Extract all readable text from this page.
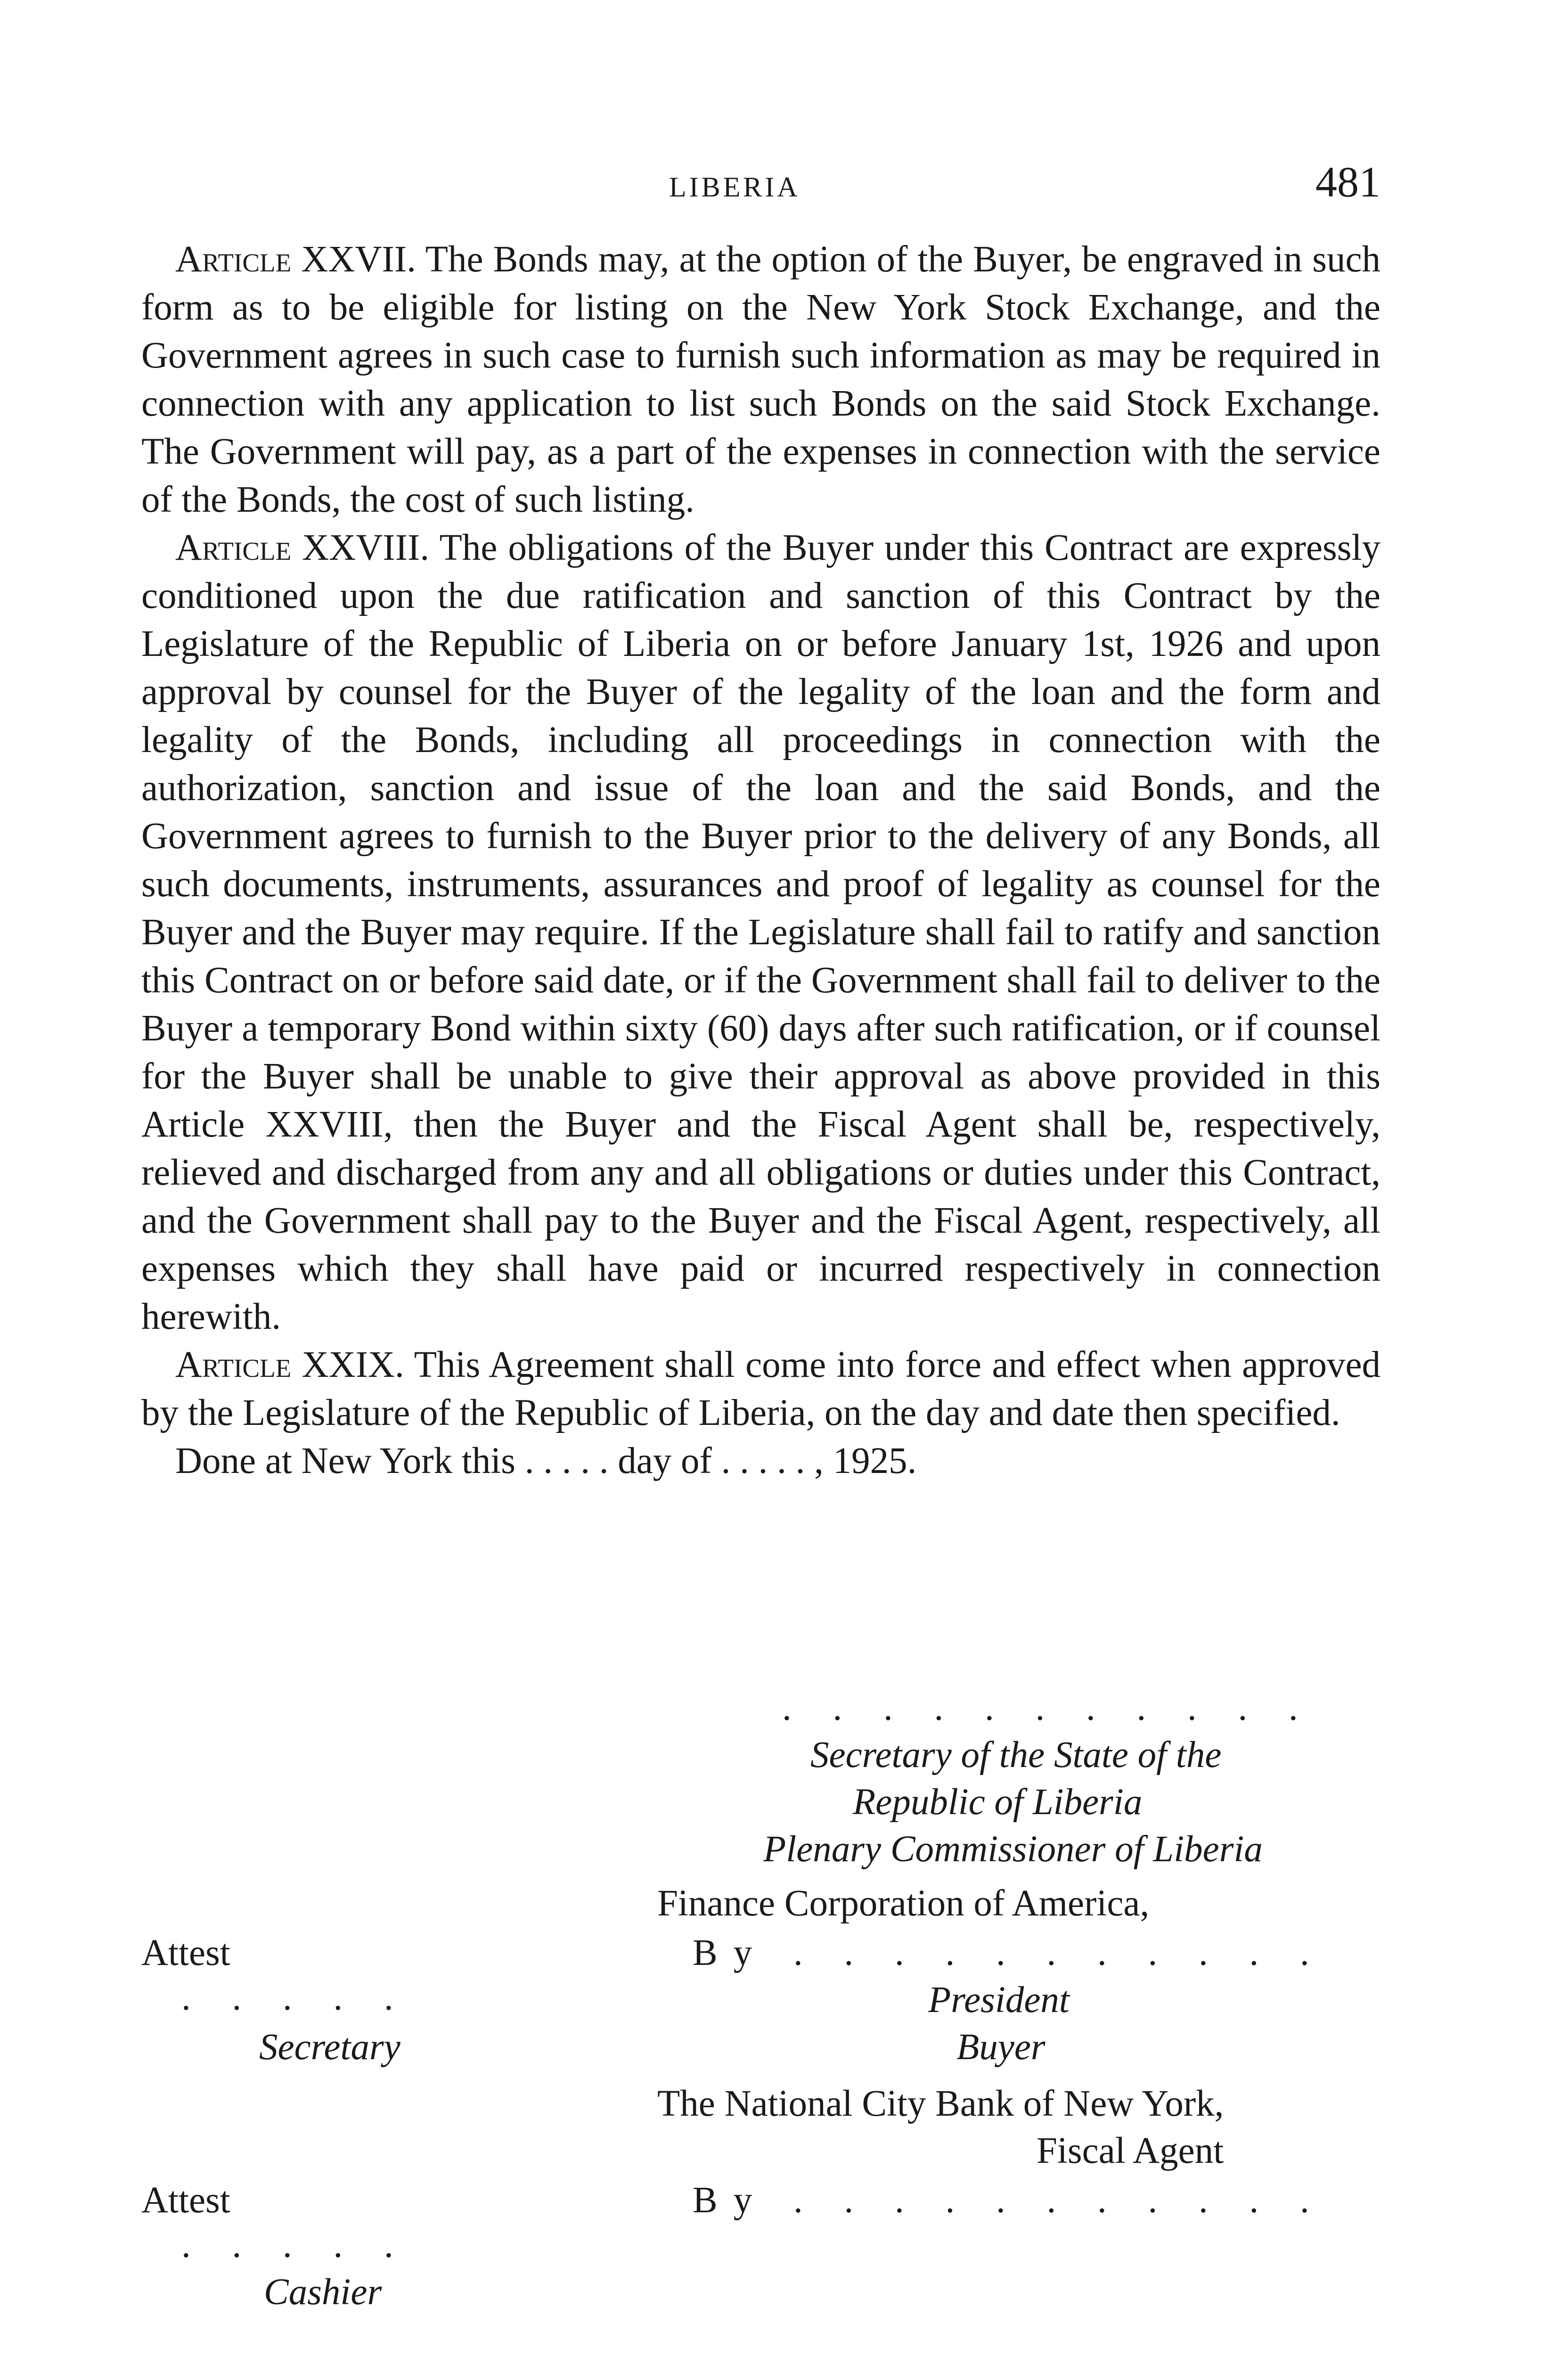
LIBERIA	481

Article XXVII. The Bonds may, at the option of the Buyer, be engraved in such form as to be eligible for listing on the New York Stock Exchange, and the Government agrees in such case to furnish such information as may be required in connection with any application to list such Bonds on the said Stock Exchange. The Government will pay, as a part of the expenses in connection with the service of the Bonds, the cost of such listing.

Article XXVIII. The obligations of the Buyer under this Contract are expressly conditioned upon the due ratification and sanction of this Contract by the Legislature of the Republic of Liberia on or before January 1st, 1926 and upon approval by counsel for the Buyer of the legality of the loan and the form and legality of the Bonds, including all proceedings in connection with the authorization, sanction and issue of the loan and the said Bonds, and the Government agrees to furnish to the Buyer prior to the delivery of any Bonds, all such documents, instruments, assurances and proof of legality as counsel for the Buyer and the Buyer may require. If the Legislature shall fail to ratify and sanction this Contract on or before said date, or if the Government shall fail to deliver to the Buyer a temporary Bond within sixty (60) days after such ratification, or if counsel for the Buyer shall be unable to give their approval as above provided in this Article XXVIII, then the Buyer and the Fiscal Agent shall be, respectively, relieved and discharged from any and all obligations or duties under this Contract, and the Government shall pay to the Buyer and the Fiscal Agent, respectively, all expenses which they shall have paid or incurred respectively in connection herewith.

Article XXIX. This Agreement shall come into force and effect when approved by the Legislature of the Republic of Liberia, on the day and date then specified.

Done at New York this . . . . . day of . . . . . , 1925.

. . . . . . . . . . .
Secretary of the State of the
Republic of Liberia
Plenary Commissioner of Liberia
Finance Corporation of America,
Attest	By . . . . . . . . . . .
. . . . .	President
Secretary	Buyer
The National City Bank of New York,
Fiscal Agent
Attest	By . . . . . . . . . . .
. . . . .
Cashier
